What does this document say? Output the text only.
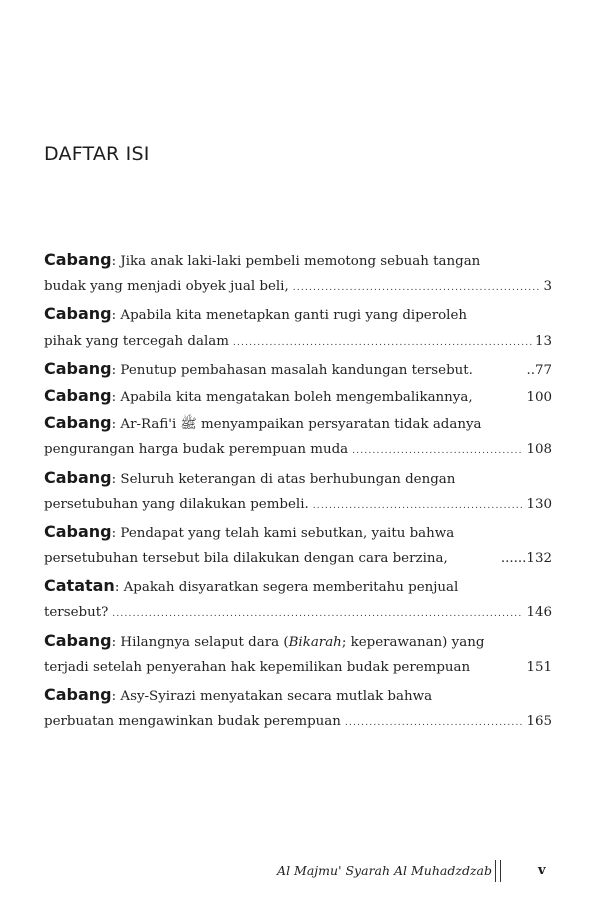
DAFTAR ISI
Cabang : Jika anak laki-laki pembeli memotong sebuah tangan
budak yang menjadi obyek jual beli, .....	3
Cabang : Apabila kita menetapkan ganti rugi yang diperoleh
pihak yang tercegah dalam .....	13
Cabang : Penutup pembahasan masalah kandungan tersebut.	..77
Cabang : Apabila kita mengatakan boleh mengembalikannya,	100
Cabang : Ar-Rafi'i ﷺ menyampaikan persyaratan tidak adanya
pengurangan harga budak perempuan muda .....	108
Cabang : Seluruh keterangan di atas berhubungan dengan
persetubuhan yang dilakukan pembeli. .....	130
Cabang : Pendapat yang telah kami sebutkan, yaitu bahwa
persetubuhan tersebut bila dilakukan dengan cara berzina,	......132
Catatan : Apakah disyaratkan segera memberitahu penjual
tersebut? .....	146
Cabang : Hilangnya selaput dara ( Bikarah ; keperawanan) yang
terjadi setelah penyerahan hak kepemilikan budak perempuan	151
Cabang : Asy-Syirazi menyatakan secara mutlak bahwa
perbuatan mengawinkan budak perempuan .....	165
Al Majmu' Syarah Al Muhadzdzab	v
